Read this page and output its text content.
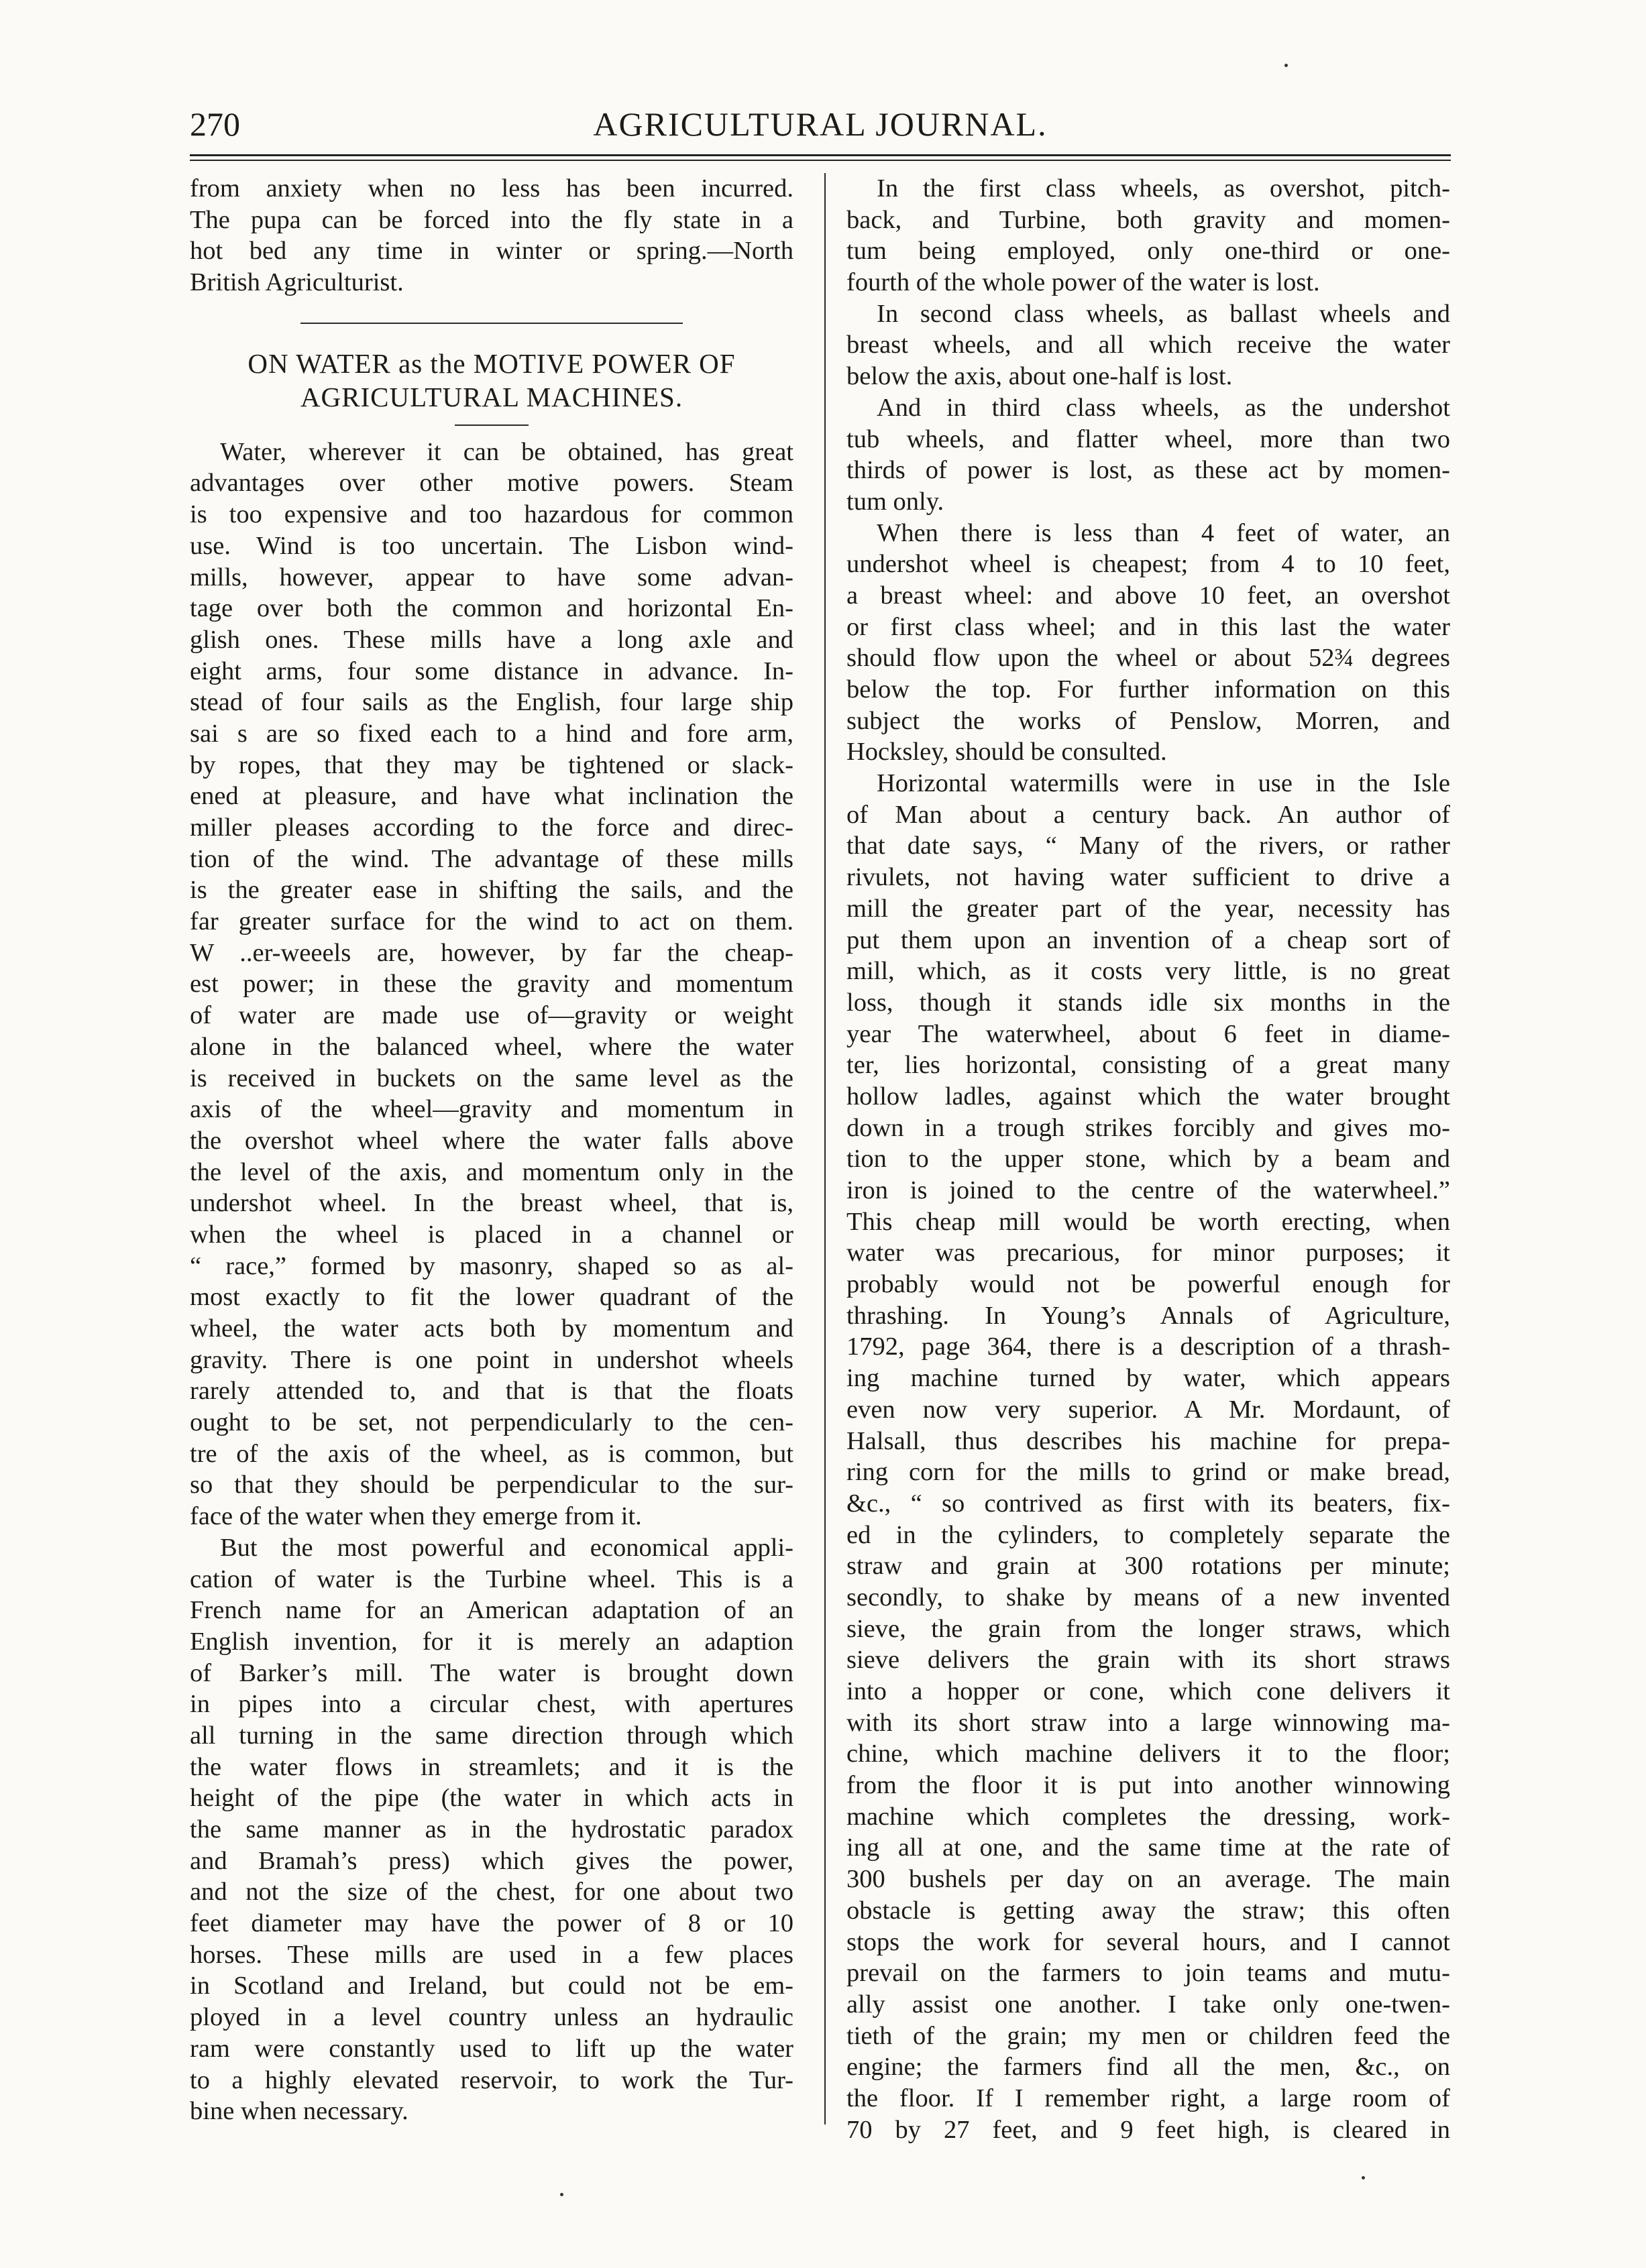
270	AGRICULTURAL JOURNAL.
from anxiety when no less has been incurred.
The pupa can be forced into the fly state in a
hot bed any time in winter or spring.—North
British Agriculturist.
ON WATER as the MOTIVE POWER OF
AGRICULTURAL MACHINES.
Water, wherever it can be obtained, has great
advantages over other motive powers. Steam
is too expensive and too hazardous for common
use. Wind is too uncertain. The Lisbon wind-
mills, however, appear to have some advan-
tage over both the common and horizontal En-
glish ones. These mills have a long axle and
eight arms, four some distance in advance. In-
stead of four sails as the English, four large ship
sai s are so fixed each to a hind and fore arm,
by ropes, that they may be tightened or slack-
ened at pleasure, and have what inclination the
miller pleases according to the force and direc-
tion of the wind. The advantage of these mills
is the greater ease in shifting the sails, and the
far greater surface for the wind to act on them.
W ..er-weeels are, however, by far the cheap-
est power; in these the gravity and momentum
of water are made use of—gravity or weight
alone in the balanced wheel, where the water
is received in buckets on the same level as the
axis of the wheel—gravity and momentum in
the overshot wheel where the water falls above
the level of the axis, and momentum only in the
undershot wheel. In the breast wheel, that is,
when the wheel is placed in a channel or
“ race,” formed by masonry, shaped so as al-
most exactly to fit the lower quadrant of the
wheel, the water acts both by momentum and
gravity. There is one point in undershot wheels
rarely attended to, and that is that the floats
ought to be set, not perpendicularly to the cen-
tre of the axis of the wheel, as is common, but
so that they should be perpendicular to the sur-
face of the water when they emerge from it.
But the most powerful and economical appli-
cation of water is the Turbine wheel. This is a
French name for an American adaptation of an
English invention, for it is merely an adaption
of Barker’s mill. The water is brought down
in pipes into a circular chest, with apertures
all turning in the same direction through which
the water flows in streamlets; and it is the
height of the pipe (the water in which acts in
the same manner as in the hydrostatic paradox
and Bramah’s press) which gives the power,
and not the size of the chest, for one about two
feet diameter may have the power of 8 or 10
horses. These mills are used in a few places
in Scotland and Ireland, but could not be em-
ployed in a level country unless an hydraulic
ram were constantly used to lift up the water
to a highly elevated reservoir, to work the Tur-
bine when necessary.
In the first class wheels, as overshot, pitch-
back, and Turbine, both gravity and momen-
tum being employed, only one-third or one-
fourth of the whole power of the water is lost.
In second class wheels, as ballast wheels and
breast wheels, and all which receive the water
below the axis, about one-half is lost.
And in third class wheels, as the undershot
tub wheels, and flatter wheel, more than two
thirds of power is lost, as these act by momen-
tum only.
When there is less than 4 feet of water, an
undershot wheel is cheapest; from 4 to 10 feet,
a breast wheel: and above 10 feet, an overshot
or first class wheel; and in this last the water
should flow upon the wheel or about 52¾ degrees
below the top. For further information on this
subject the works of Penslow, Morren, and
Hocksley, should be consulted.
Horizontal watermills were in use in the Isle
of Man about a century back. An author of
that date says, “ Many of the rivers, or rather
rivulets, not having water sufficient to drive a
mill the greater part of the year, necessity has
put them upon an invention of a cheap sort of
mill, which, as it costs very little, is no great
loss, though it stands idle six months in the
year The waterwheel, about 6 feet in diame-
ter, lies horizontal, consisting of a great many
hollow ladles, against which the water brought
down in a trough strikes forcibly and gives mo-
tion to the upper stone, which by a beam and
iron is joined to the centre of the waterwheel.”
This cheap mill would be worth erecting, when
water was precarious, for minor purposes; it
probably would not be powerful enough for
thrashing. In Young’s Annals of Agriculture,
1792, page 364, there is a description of a thrash-
ing machine turned by water, which appears
even now very superior. A Mr. Mordaunt, of
Halsall, thus describes his machine for prepa-
ring corn for the mills to grind or make bread,
&c., “ so contrived as first with its beaters, fix-
ed in the cylinders, to completely separate the
straw and grain at 300 rotations per minute;
secondly, to shake by means of a new invented
sieve, the grain from the longer straws, which
sieve delivers the grain with its short straws
into a hopper or cone, which cone delivers it
with its short straw into a large winnowing ma-
chine, which machine delivers it to the floor;
from the floor it is put into another winnowing
machine which completes the dressing, work-
ing all at one, and the same time at the rate of
300 bushels per day on an average. The main
obstacle is getting away the straw; this often
stops the work for several hours, and I cannot
prevail on the farmers to join teams and mutu-
ally assist one another. I take only one-twen-
tieth of the grain; my men or children feed the
engine; the farmers find all the men, &c., on
the floor. If I remember right, a large room of
70 by 27 feet, and 9 feet high, is cleared in
